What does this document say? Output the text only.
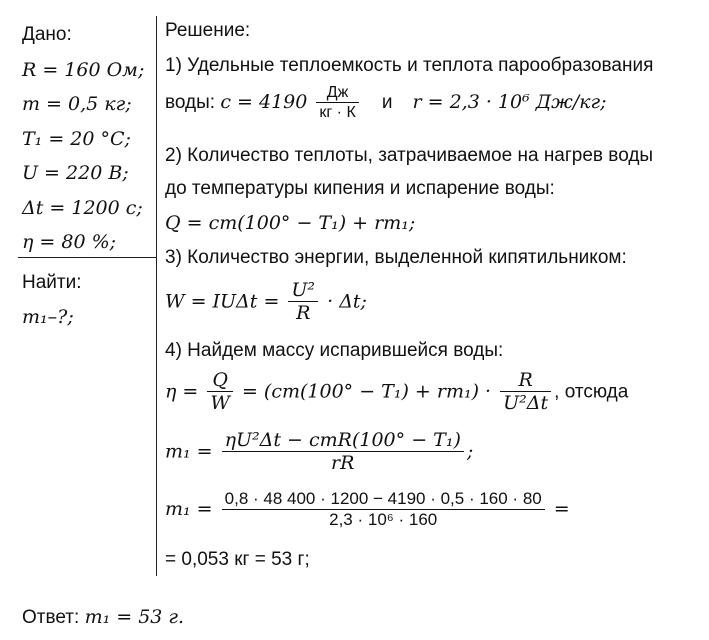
Дано:
R = 160 Ом;
m = 0,5 кг;
T₁ = 20 °C;
U = 220 В;
Δt = 1200 с;
η = 80 %;
Найти:
m₁–?;
Решение:
1) Удельные теплоемкость и теплота парообразования
воды: $c = 4190 \frac{Дж}{кг \cdot К}$ и r = 2,3 · 10⁶ Дж/кг;
2) Количество теплоты, затрачиваемое на нагрев воды
до температуры кипения и испарение воды:
Q = cm(100° − T₁) + rm₁;
3) Количество энергии, выделенной кипятильником:
$W = IU\Delta t = \frac{\text{U²}}{R} \cdot \Delta t$;
4) Найдем массу испарившейся воды:
$\eta = \frac{Q}{W} = (cm(100^\circ - T_1) + rm_1) \cdot \frac{R}{\text{U²Δt}}$ , отсюда
$m_1 = \frac{\text{ηU²Δt − cmR(100° − T₁)}}{rR}$ ;
$m_1 = \frac{0,8 \cdot 48 400 \cdot 1200 - 4190 \cdot 0,5 \cdot 160 \cdot 80}{\text{2,3 · 10⁶ · 160}}$ =
= 0,053 кг = 53 г;
Ответ: m₁ = 53 г.
